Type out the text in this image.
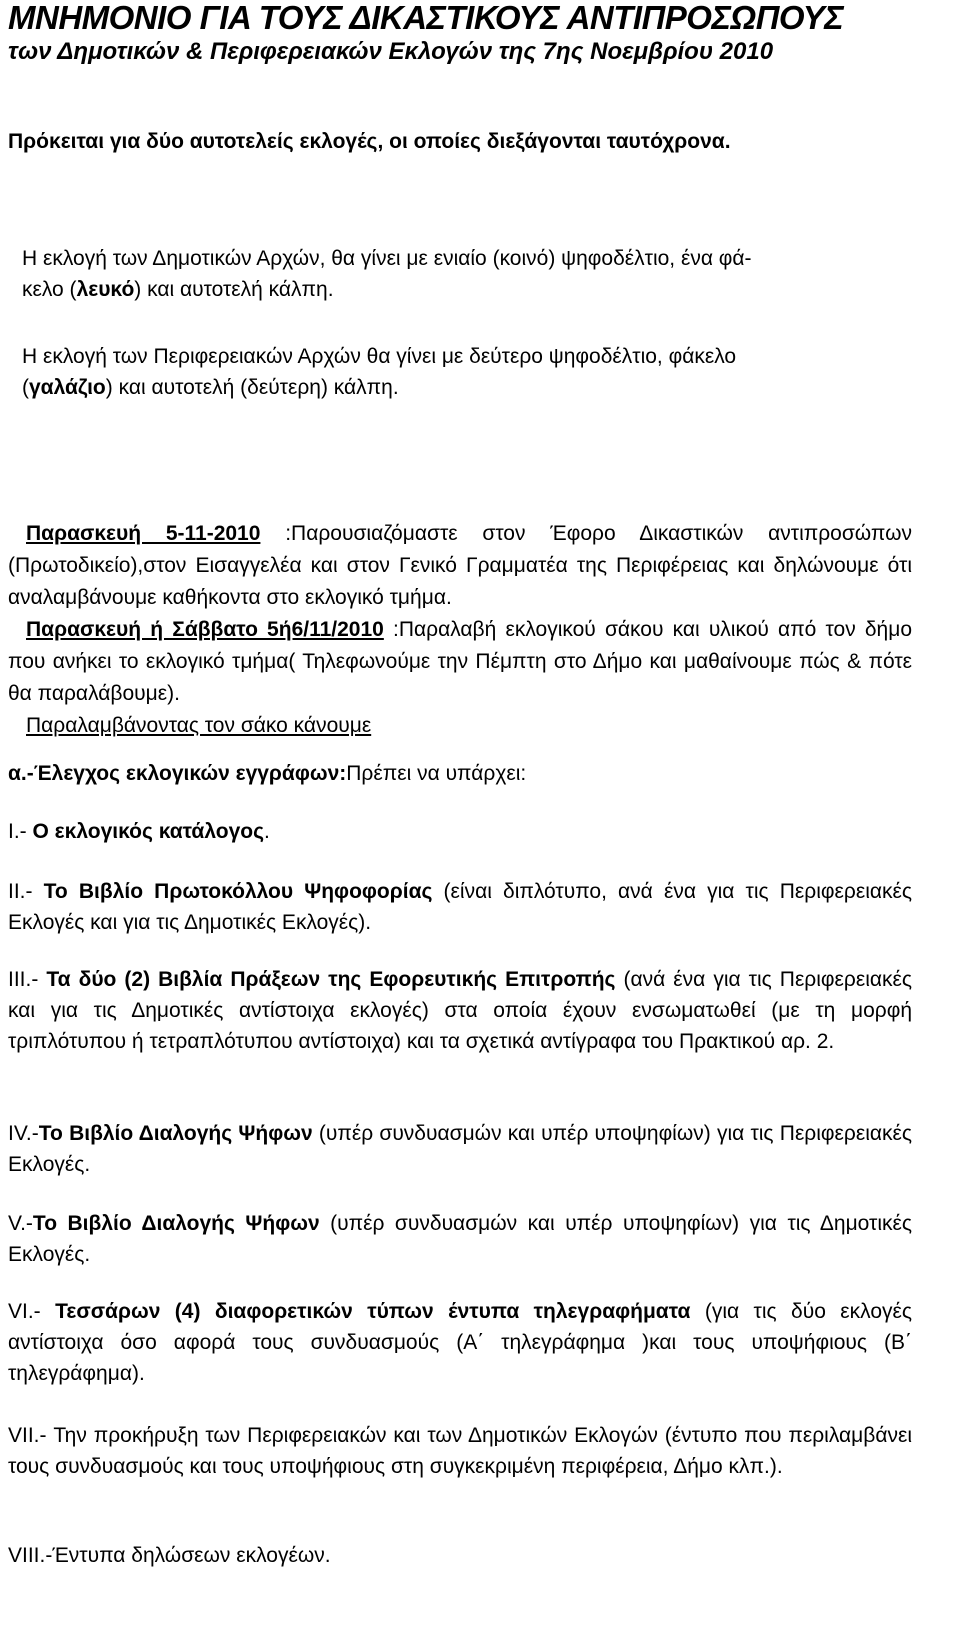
ΜΝΗΜΟΝΙΟ ΓΙΑ ΤΟΥΣ ΔΙΚΑΣΤΙΚΟΥΣ ΑΝΤΙΠΡΟΣΩΠΟΥΣ
των Δημοτικών & Περιφερειακών Εκλογών της 7ης Νοεμβρίου 2010

Πρόκειται για δύο αυτοτελείς εκλογές, οι οποίες διεξάγονται ταυτόχρονα.

Η εκλογή των Δημοτικών Αρχών, θα γίνει με ενιαίο (κοινό) ψηφοδέλτιο, ένα φά-
κελο (λευκό) και αυτοτελή κάλπη.

Η εκλογή των Περιφερειακών Αρχών θα γίνει με δεύτερο ψηφοδέλτιο, φάκελο
(γαλάζιο) και αυτοτελή (δεύτερη) κάλπη.

Παρασκευή 5-11-2010 :Παρουσιαζόμαστε στον Έφορο Δικαστικών αντιπροσώπων (Πρωτοδικείο),στον Εισαγγελέα και στον Γενικό Γραμματέα της Περιφέρειας και δηλώνουμε ότι αναλαμβάνουμε καθήκοντα στο εκλογικό τμήμα.

Παρασκευή ή Σάββατο 5ή6/11/2010 :Παραλαβή εκλογικού σάκου και υλικού από τον δήμο που ανήκει το εκλογικό τμήμα( Τηλεφωνούμε την Πέμπτη στο Δήμο και μαθαίνουμε πώς & πότε θα παραλάβουμε).
Παραλαμβάνοντας τον σάκο κάνουμε

α.-Έλεγχος εκλογικών εγγράφων:Πρέπει να υπάρχει:

Ι.- Ο εκλογικός κατάλογος.

ΙΙ.- Το Βιβλίο Πρωτοκόλλου Ψηφοφορίας (είναι διπλότυπο, ανά ένα για τις Περιφερειακές Εκλογές και για τις Δημοτικές Εκλογές).

ΙΙΙ.- Τα δύο (2) Βιβλία Πράξεων της Εφορευτικής Επιτροπής (ανά ένα για τις Περιφερειακές και για τις Δημοτικές αντίστοιχα εκλογές) στα οποία έχουν ενσωματωθεί (με τη μορφή τριπλότυπου ή τετραπλότυπου αντίστοιχα) και τα σχετικά αντίγραφα του Πρακτικού αρ. 2.

ΙV.-Το Βιβλίο Διαλογής Ψήφων (υπέρ συνδυασμών και υπέρ υποψηφίων) για τις Περιφερειακές Εκλογές.

V.-Το Βιβλίο Διαλογής Ψήφων (υπέρ συνδυασμών και υπέρ υποψηφίων) για τις Δημοτικές Εκλογές.

VI.- Τεσσάρων (4) διαφορετικών τύπων έντυπα τηλεγραφήματα (για τις δύο εκλογές αντίστοιχα όσο αφορά τους συνδυασμούς (Α΄ τηλεγράφημα )και τους υποψήφιους (Β΄ τηλεγράφημα).

VII.- Την προκήρυξη των Περιφερειακών και των Δημοτικών Εκλογών (έντυπο που περιλαμβάνει τους συνδυασμούς και τους υποψήφιους στη συγκεκριμένη περιφέρεια, Δήμο κλπ.).

VIII.-Έντυπα δηλώσεων εκλογέων.
